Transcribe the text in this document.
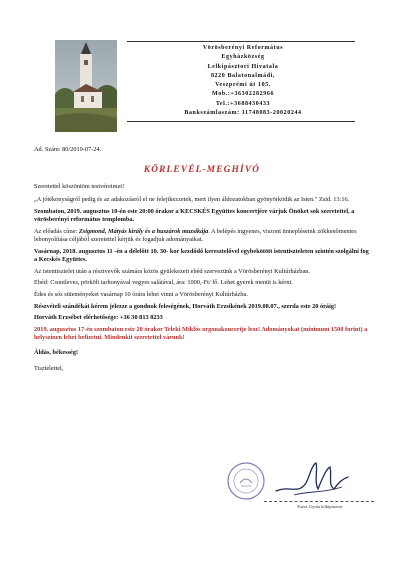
Vörösberényi Református
Egyházközség
Lelkipásztori Hivatala
8220 Balatonalmádi,
Veszprémi út 105.
Mob.:+36302282966
Tel.:+3688430433
Bankszámlaszám: 11748083-20020244

Ad. Szám: 80/2019-07-24.

KÖRLEVÉL-MEGHÍVÓ

Szeretettel köszöntöm testvéreimet!

„A jótékonyságról pedig és az adakozásról el ne felejtkezzetek, mert ilyen áldozatokban gyönyörködik az Isten." Zsid. 13:16.

Szombaton, 2019. augusztus 10-én este 20:00 órakor a KECSKÉS Együttes koncertjére várjuk Önöket sok szeretettel, a vörösberényi református templomba.

Az előadás címe: Zsigmond, Mátyás király és a huszárok muzsikája. A belépés ingyenes, viszont ünnepléseink zökkenőmentes lebonyolítása céljából szeretettel kérjük és fogadjuk adományaikat.

Vasárnap, 2018. augusztus 11 -én a délelőtt 10. 30- kor kezdődő keresztelővel egybekötött istentiszteleten szintén szolgálni fog a Kecskés Együttes.

Az istentisztelet után a résztvevők számára közös gyülekezeti ebéd szervezünk a Vörösberényi Kultúrházban.

Ebéd: Csontleves, pörkölt tarhonyával vegyes salátával, ára: 1000,-Ft/ fő. Lehet gyerek menüt is kérni.

Édes és sós süteményeket vasárnap 10 órára lehet vinni a Vörösberényi Kultúrházba.

Részvételi szándékát kérem jelezze a gondnok feleségének, Horváth Erzsikének 2019.08.07., szerda este 20 óráig!

Horváth Erzsébet elérhetősége: +36 30 813 8233

2019. augusztus 17-én szombaton este 20 órakor Teleki Miklós orgonakoncertje lesz! Adományokat (minimum 1500 forint) a helyszínen lehet befizetni. Mindenkit szeretettel várunk!

Áldás, békesség!

Tisztelettel,

Fazot Gyula lelkipásztor
